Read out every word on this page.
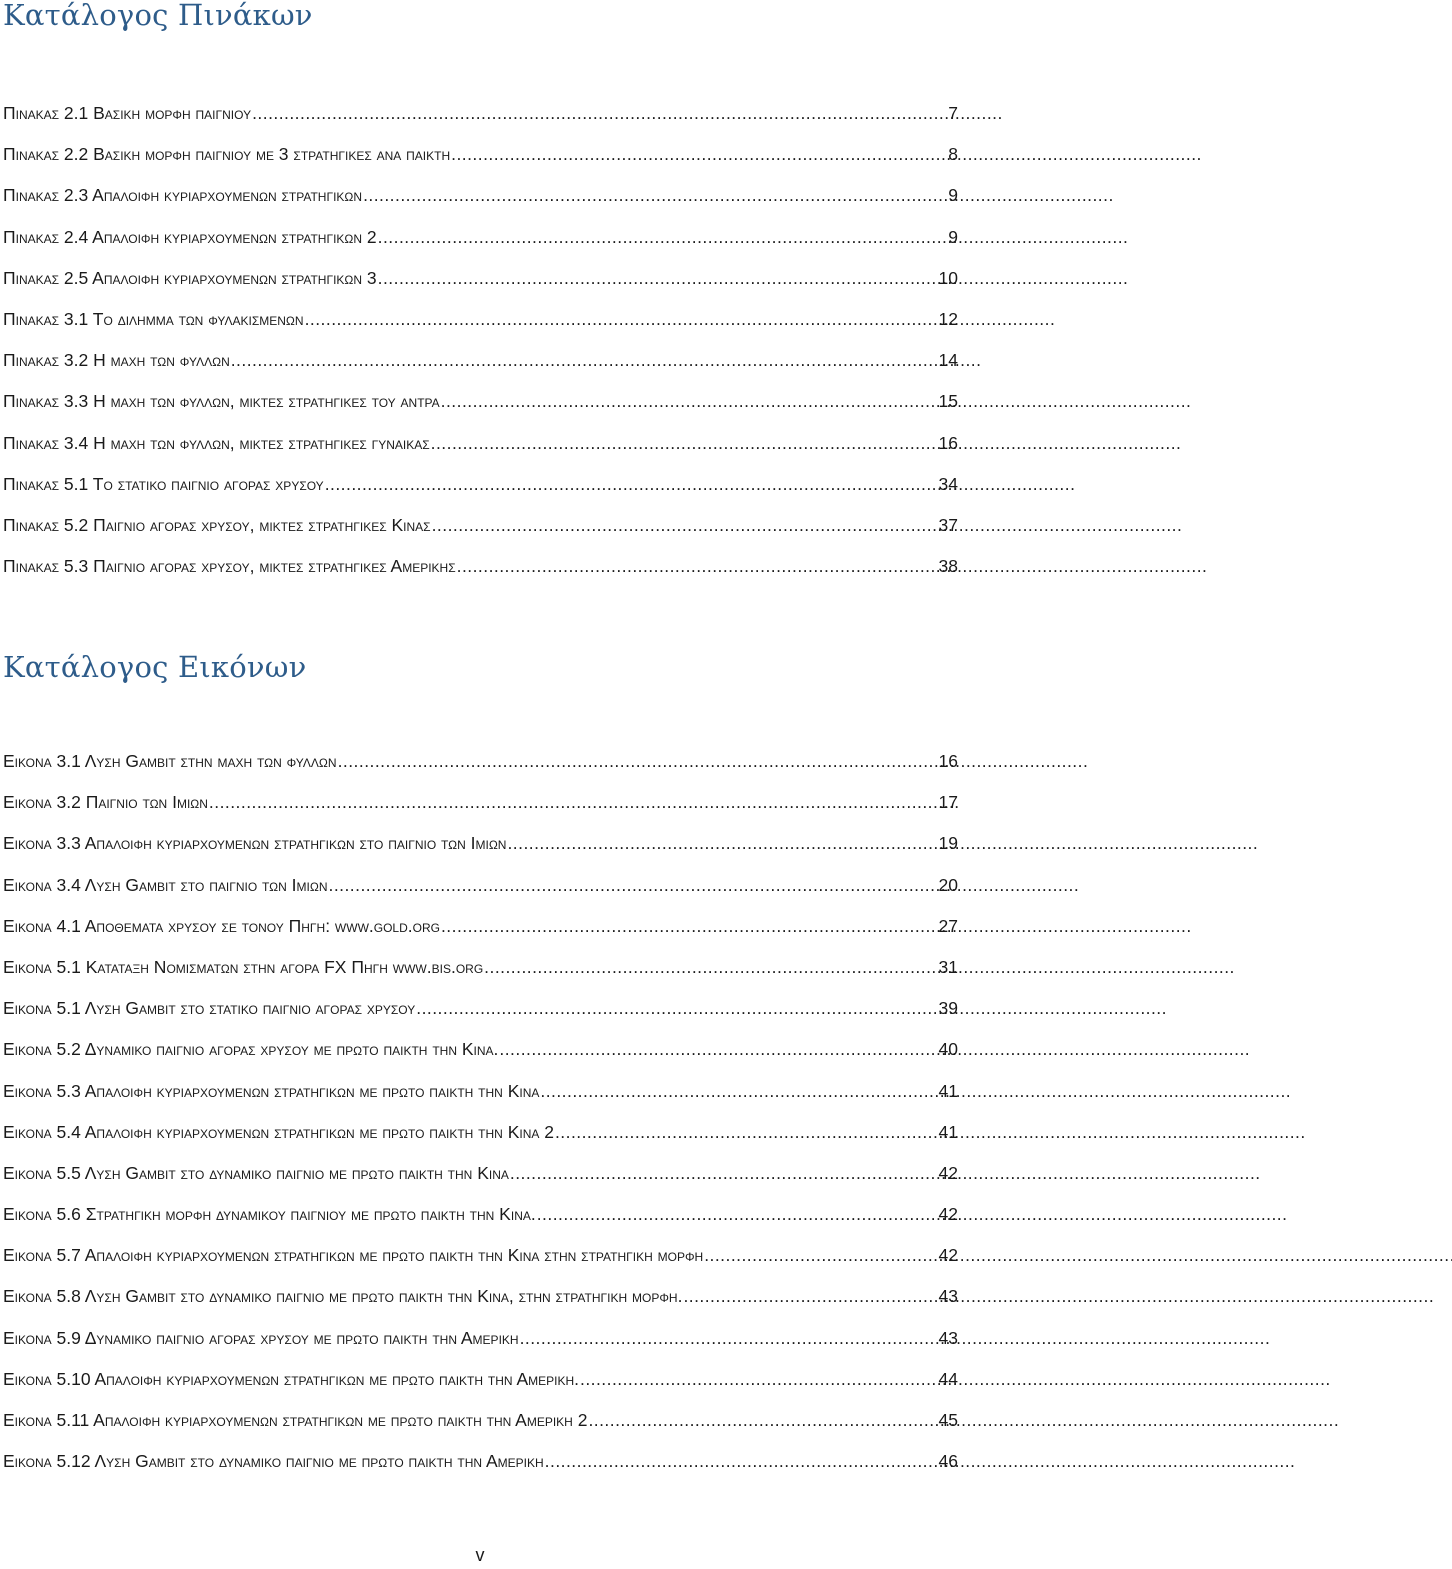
Κατάλογος Πινάκων
Πινακας 2.1 Βασικη μορφη παιγνιου . . .	7
Πινακας 2.2 Βασικη μορφη παιγνιου με 3 στρατηγικες ανα παικτη . . .	8
Πινακας 2.3 Απαλοιφη κυριαρχουμενων στρατηγικων . . .	9
Πινακας 2.4 Απαλοιφη κυριαρχουμενων στρατηγικων 2 . . .	9
Πινακας 2.5 Απαλοιφη κυριαρχουμενων στρατηγικων 3 . . .	10
Πινακας 3.1 Το διλημμα των φυλακισμενων . . .	12
Πινακας 3.2 Η μαχη των φυλλων . . .	14
Πινακας 3.3 Η μαχη των φυλλων, μικτες στρατηγικες του αντρα . . .	15
Πινακας 3.4 Η μαχη των φυλλων, μικτες στρατηγικες γυναικας . . .	16
Πινακας 5.1 Το στατικο παιγνιο αγορας χρυσου . . .	34
Πινακας 5.2 Παιγνιο αγορας χρυσου, μικτες στρατηγικες Κινας . . .	37
Πινακας 5.3 Παιγνιο αγορας χρυσου, μικτες στρατηγικες Αμερικης . . .	38
Κατάλογος Εικόνων
Εικονα 3.1 Λυση Gambit στην μαχη των φυλλων . . .	16
Εικονα 3.2 Παιγνιο των Ιμιων . . .	17
Εικονα 3.3 Απαλοιφη κυριαρχουμενων στρατηγικων στο παιγνιο των Ιμιων . . .	19
Εικονα 3.4 Λυση Gambit στο παιγνιο των Ιμιων . . .	20
Εικονα 4.1 Αποθεματα χρυσου σε τονου Πηγη: www.gold.org . . .	27
Εικονα 5.1 Καταταξη Νομισματων στην αγορα FX Πηγη www.bis.org . . .	31
Εικονα 5.1 Λυση Gambit στο στατικο παιγνιο αγορας χρυσου . . .	39
Εικονα 5.2 Δυναμικο παιγνιο αγορας χρυσου με πρωτο παικτη την Κινα. . . .	40
Εικονα 5.3 Απαλοιφη κυριαρχουμενων στρατηγικων με πρωτο παικτη την Κινα . . .	41
Εικονα 5.4 Απαλοιφη κυριαρχουμενων στρατηγικων με πρωτο παικτη την Κινα 2 . . .	41
Εικονα 5.5 Λυση Gambit στο δυναμικο παιγνιο με πρωτο παικτη την Κινα . . .	42
Εικονα 5.6 Στρατηγικη μορφη δυναμικου παιγνιου με πρωτο παικτη την Κινα. . . .	42
Εικονα 5.7 Απαλοιφη κυριαρχουμενων στρατηγικων με πρωτο παικτη την Κινα στην στρατηγικη μορφη . . .	42
Εικονα 5.8 Λυση Gambit στο δυναμικο παιγνιο με πρωτο παικτη την Κινα, στην στρατηγικη μορφη. . . .	43
Εικονα 5.9 Δυναμικο παιγνιο αγορας χρυσου με πρωτο παικτη την Αμερικη . . .	43
Εικονα 5.10 Απαλοιφη κυριαρχουμενων στρατηγικων με πρωτο παικτη την Αμερικη. . . .	44
Εικονα 5.11 Απαλοιφη κυριαρχουμενων στρατηγικων με πρωτο παικτη την Αμερικη 2 . . .	45
Εικονα 5.12 Λυση Gambit στο δυναμικο παιγνιο με πρωτο παικτη την Αμερικη . . .	46
v
